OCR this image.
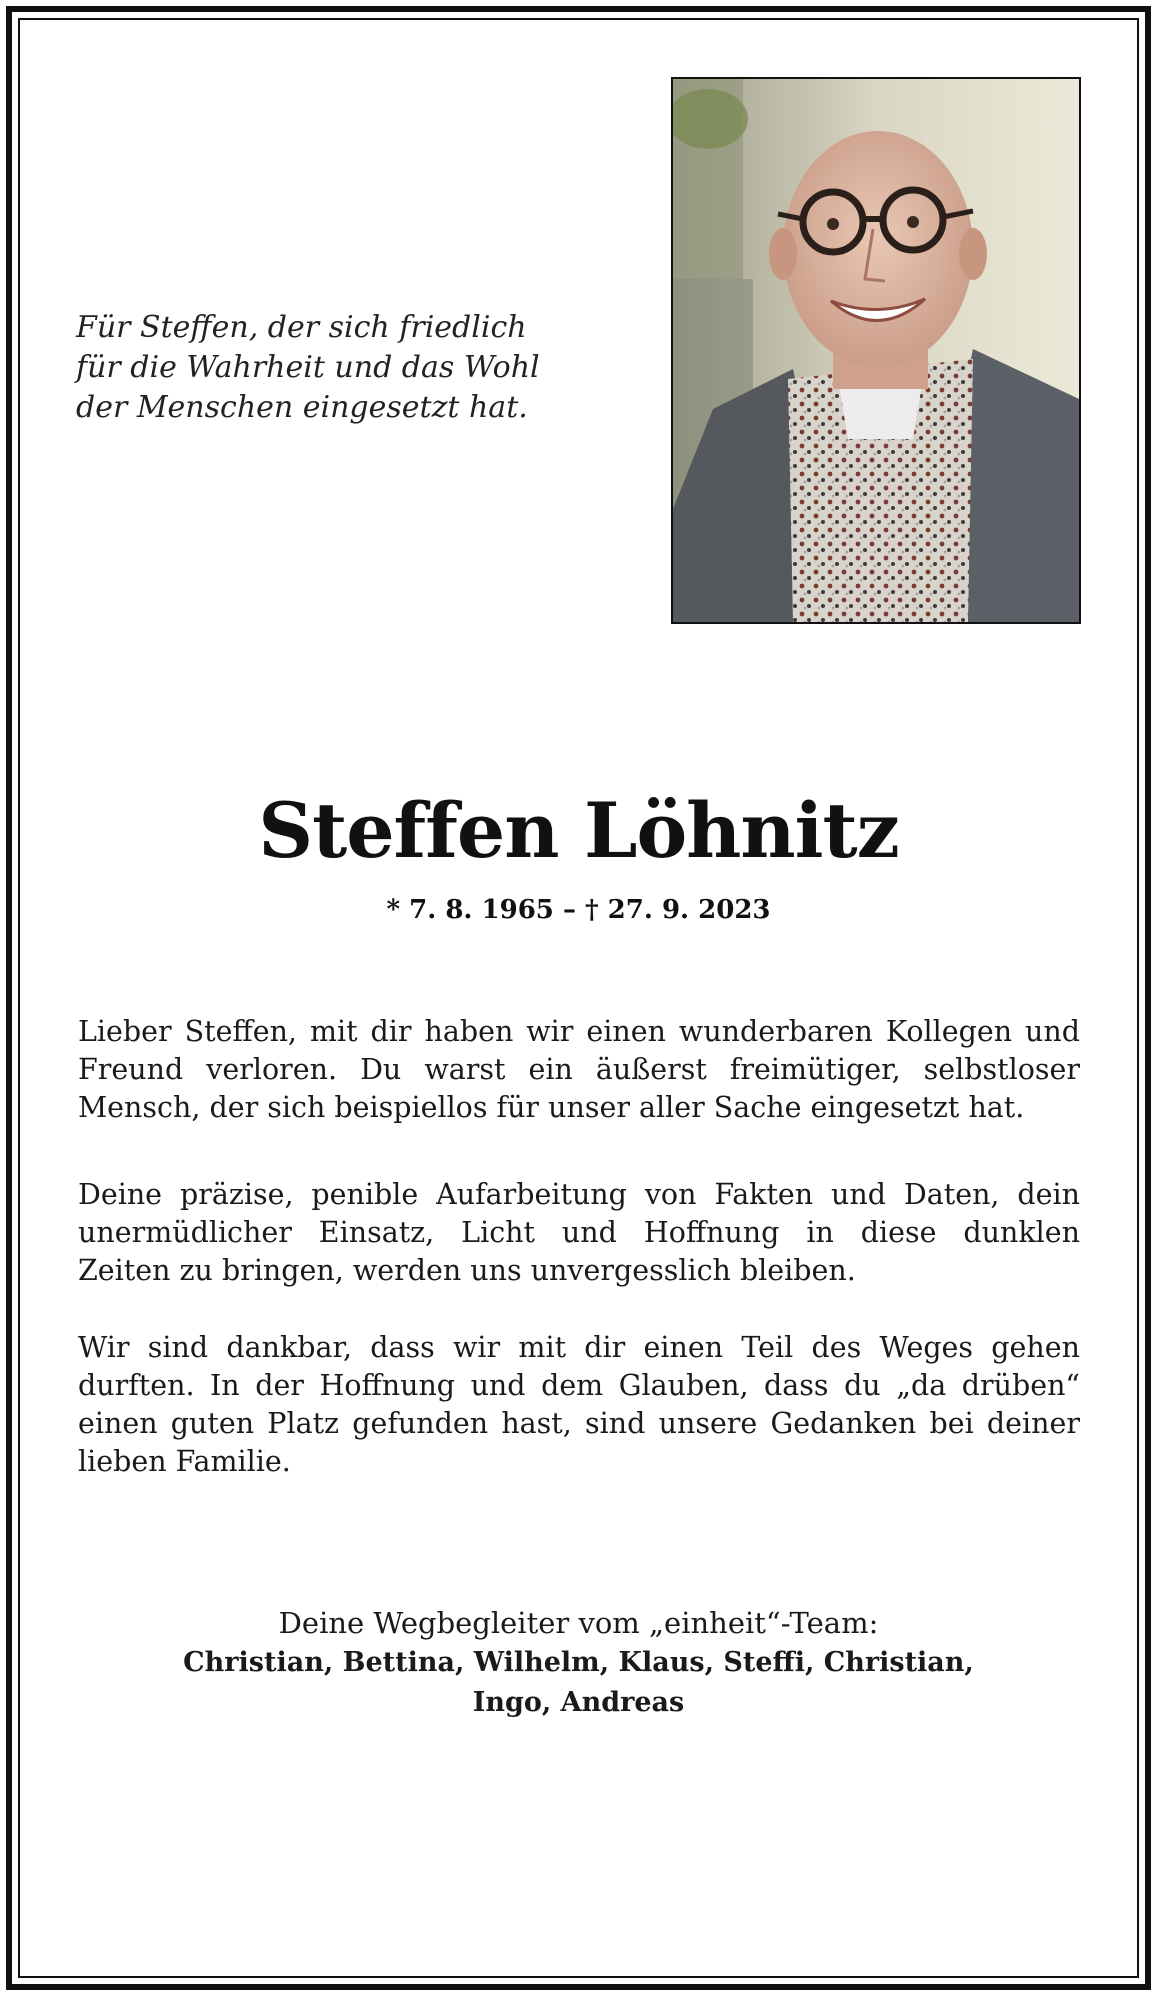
Für Steffen, der sich friedlich
für die Wahrheit und das Wohl
der Menschen eingesetzt hat.
Steffen Löhnitz
* 7. 8. 1965 – † 27. 9. 2023
Lieber Steffen, mit dir haben wir einen wunderbaren Kollegen und
Freund verloren. Du warst ein äußerst freimütiger, selbstloser
Mensch, der sich beispiellos für unser aller Sache eingesetzt hat.
Deine präzise, penible Aufarbeitung von Fakten und Daten, dein
unermüdlicher Einsatz, Licht und Hoffnung in diese dunklen
Zeiten zu bringen, werden uns unvergesslich bleiben.
Wir sind dankbar, dass wir mit dir einen Teil des Weges gehen
durften. In der Hoffnung und dem Glauben, dass du „da drüben“
einen guten Platz gefunden hast, sind unsere Gedanken bei deiner
lieben Familie.
Deine Wegbegleiter vom „einheit“-Team:
Christian, Bettina, Wilhelm, Klaus, Steffi, Christian,
Ingo, Andreas
